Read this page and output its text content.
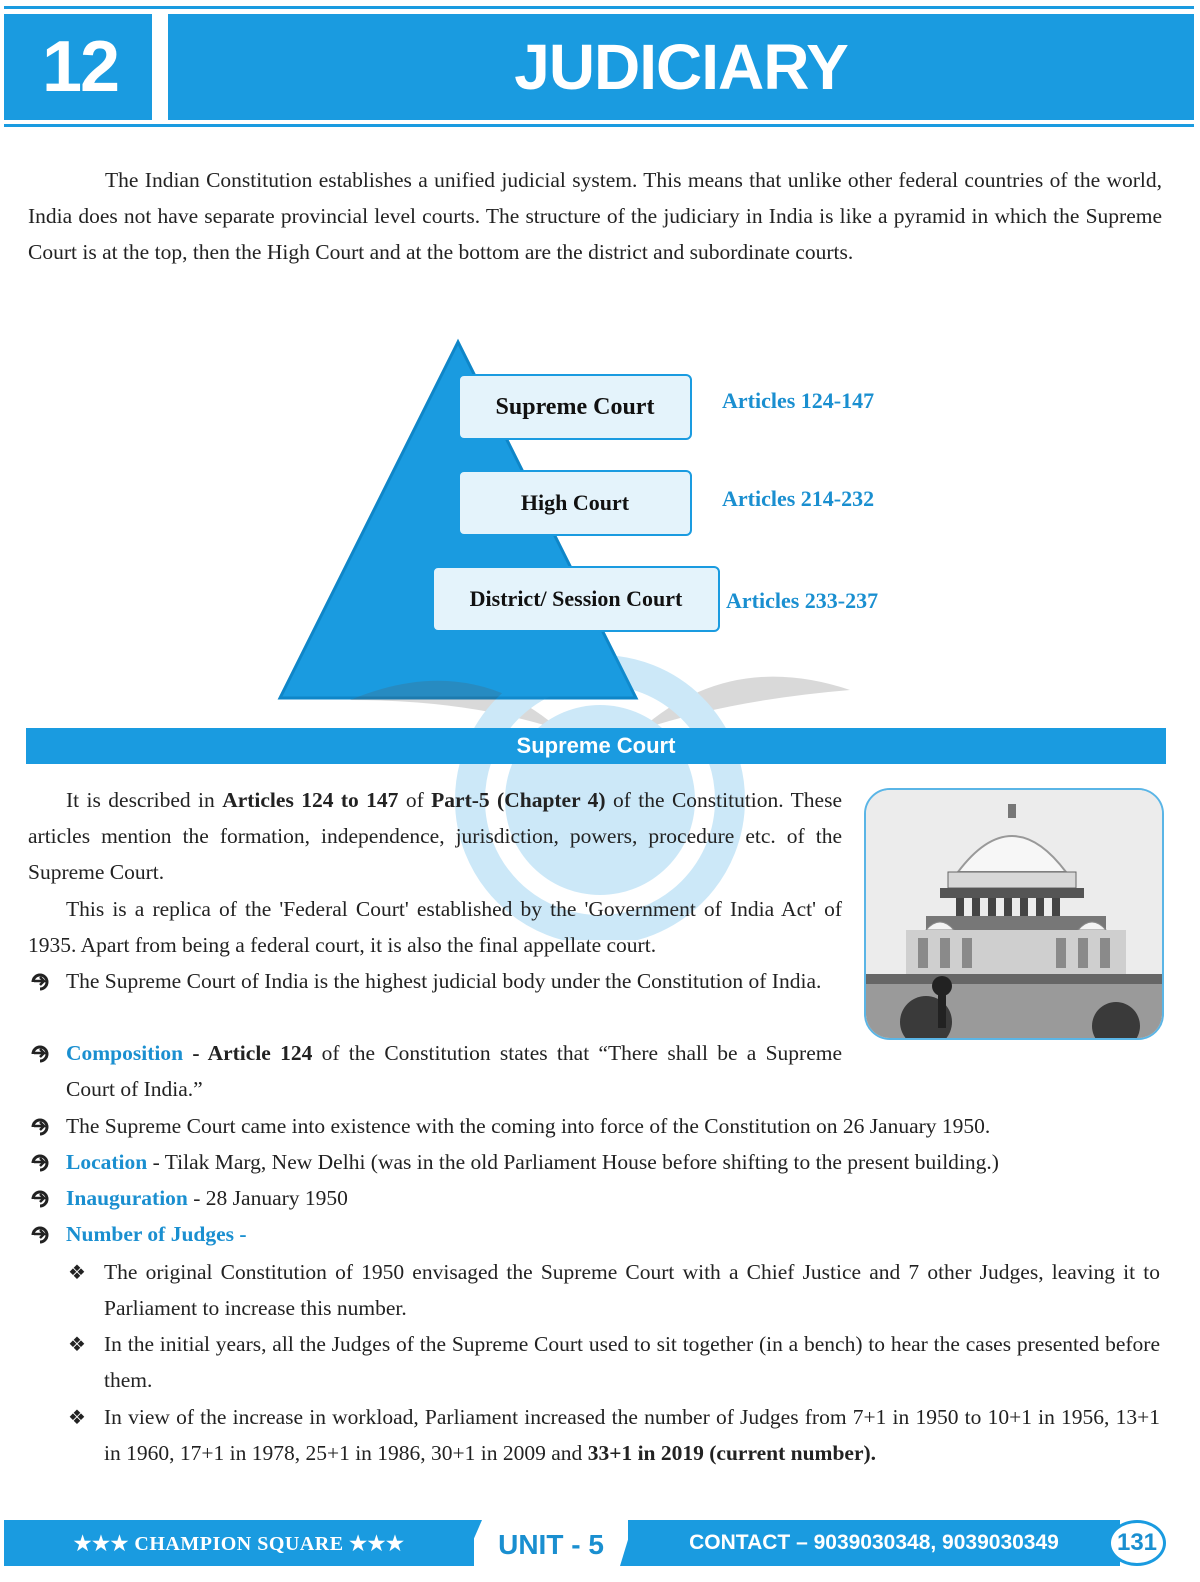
12	JUDICIARY

The Indian Constitution establishes a unified judicial system. This means that unlike other federal countries of the world, India does not have separate provincial level courts. The structure of the judiciary in India is like a pyramid in which the Supreme Court is at the top, then the High Court and at the bottom are the district and subordinate courts.

Supreme Court	Articles 124-147
High Court	Articles 214-232
District/ Session Court Articles 233-237
Supreme Court

It is described in Articles 124 to 147 of Part-5 (Chapter 4) of the Constitution. These articles mention the formation, independence, jurisdiction, powers, procedure etc. of the Supreme Court.

This is a replica of the 'Federal Court' established by the 'Government of India Act' of 1935. Apart from being a federal court, it is also the final appellate court.

The Supreme Court of India is the highest judicial body under the Constitution of India.

Composition - Article 124 of the Constitution states that “There shall be a Supreme Court of India.”

The Supreme Court came into existence with the coming into force of the Constitution on 26 January 1950.

Location - Tilak Marg, New Delhi (was in the old Parliament House before shifting to the present building.)

Inauguration - 28 January 1950

Number of Judges -

❖ The original Constitution of 1950 envisaged the Supreme Court with a Chief Justice and 7 other Judges, leaving it to Parliament to increase this number.

❖ In the initial years, all the Judges of the Supreme Court used to sit together (in a bench) to hear the cases presented before them.

❖ In view of the increase in workload, Parliament increased the number of Judges from 7+1 in 1950 to 10+1 in 1956, 13+1 in 1960, 17+1 in 1978, 25+1 in 1986, 30+1 in 2009 and 33+1 in 2019 (current number).

★★★ CHAMPION SQUARE ★★★	UNIT - 5	CONTACT – 9039030348, 9039030349 131
